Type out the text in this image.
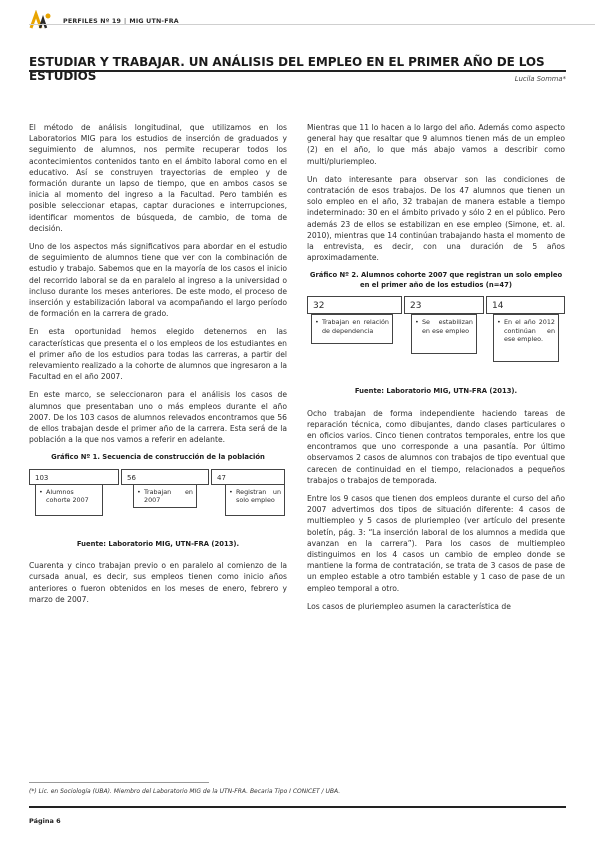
PERFILES Nº 19 | MIG UTN-FRA
ESTUDIAR Y TRABAJAR. UN ANÁLISIS DEL EMPLEO EN EL PRIMER AÑO DE LOS ESTUDIOS	Lucila Somma*

El método de análisis longitudinal, que utilizamos en los Laboratorios MIG para los estudios de inserción de graduados y seguimiento de alumnos, nos permite recuperar todos los acontecimientos contenidos tanto en el ámbito laboral como en el educativo. Así se construyen trayectorias de empleo y de formación durante un lapso de tiempo, que en ambos casos se inicia al momento del ingreso a la Facultad. Pero también es posible seleccionar etapas, captar duraciones e interrupciones, identificar momentos de búsqueda, de cambio, de toma de decisión.

Uno de los aspectos más significativos para abordar en el estudio de seguimiento de alumnos tiene que ver con la combinación de estudio y trabajo. Sabemos que en la mayoría de los casos el inicio del recorrido laboral se da en paralelo al ingreso a la universidad o incluso durante los meses anteriores. De este modo, el proceso de inserción y estabilización laboral va acompañando el largo período de formación en la carrera de grado.

En esta oportunidad hemos elegido detenernos en las características que presenta el o los empleos de los estudiantes en el primer año de los estudios para todas las carreras, a partir del relevamiento realizado a la cohorte de alumnos que ingresaron a la Facultad en el año 2007.

En este marco, se seleccionaron para el análisis los casos de alumnos que presentaban uno o más empleos durante el año 2007. De los 103 casos de alumnos relevados encontramos que 56 de ellos trabajan desde el primer año de la carrera. Esta será de la población a la que nos vamos a referir en adelante.

Gráfico Nº 1. Secuencia de construcción de la población
103
• Alumnos cohorte 2007
56
• Trabajan en 2007
47
• Registran un solo empleo
Fuente: Laboratorio MIG, UTN-FRA (2013).

Cuarenta y cinco trabajan previo o en paralelo al comienzo de la cursada anual, es decir, sus empleos tienen como inicio años anteriores o fueron obtenidos en los meses de enero, febrero y marzo de 2007.

Mientras que 11 lo hacen a lo largo del año. Además como aspecto general hay que resaltar que 9 alumnos tienen más de un empleo (2) en el año, lo que más abajo vamos a describir como multi/pluriempleo.

Un dato interesante para observar son las condiciones de contratación de esos trabajos. De los 47 alumnos que tienen un solo empleo en el año, 32 trabajan de manera estable a tiempo indeterminado: 30 en el ámbito privado y sólo 2 en el público. Pero además 23 de ellos se estabilizan en ese empleo (Simone, et. al. 2010), mientras que 14 continúan trabajando hasta el momento de la entrevista, es decir, con una duración de 5 años aproximadamente.

Gráfico Nº 2. Alumnos cohorte 2007 que registran un solo empleo en el primer año de los estudios (n=47)
32
• Trabajan en relación de dependencia
23
• Se estabilizan en ese empleo
14
• En el año 2012 continúan en ese empleo.
Fuente: Laboratorio MIG, UTN-FRA (2013).

Ocho trabajan de forma independiente haciendo tareas de reparación técnica, como dibujantes, dando clases particulares o en oficios varios. Cinco tienen contratos temporales, entre los que encontramos que uno corresponde a una pasantía. Por último observamos 2 casos de alumnos con trabajos de tipo eventual que carecen de continuidad en el tiempo, relacionados a pequeños trabajos o trabajos de temporada.

Entre los 9 casos que tienen dos empleos durante el curso del año 2007 advertimos dos tipos de situación diferente: 4 casos de multiempleo y 5 casos de pluriempleo (ver artículo del presente boletín, pág. 3: “La inserción laboral de los alumnos a medida que avanzan en la carrera”). Para los casos de multiempleo distinguimos en los 4 casos un cambio de empleo donde se mantiene la forma de contratación, se trata de 3 casos de pase de un empleo estable a otro también estable y 1 caso de pase de un empleo temporal a otro.

Los casos de pluriempleo asumen la característica de

(*) Lic. en Sociología (UBA). Miembro del Laboratorio MIG de la UTN-FRA. Becaria Tipo I CONICET / UBA.
Página 6
